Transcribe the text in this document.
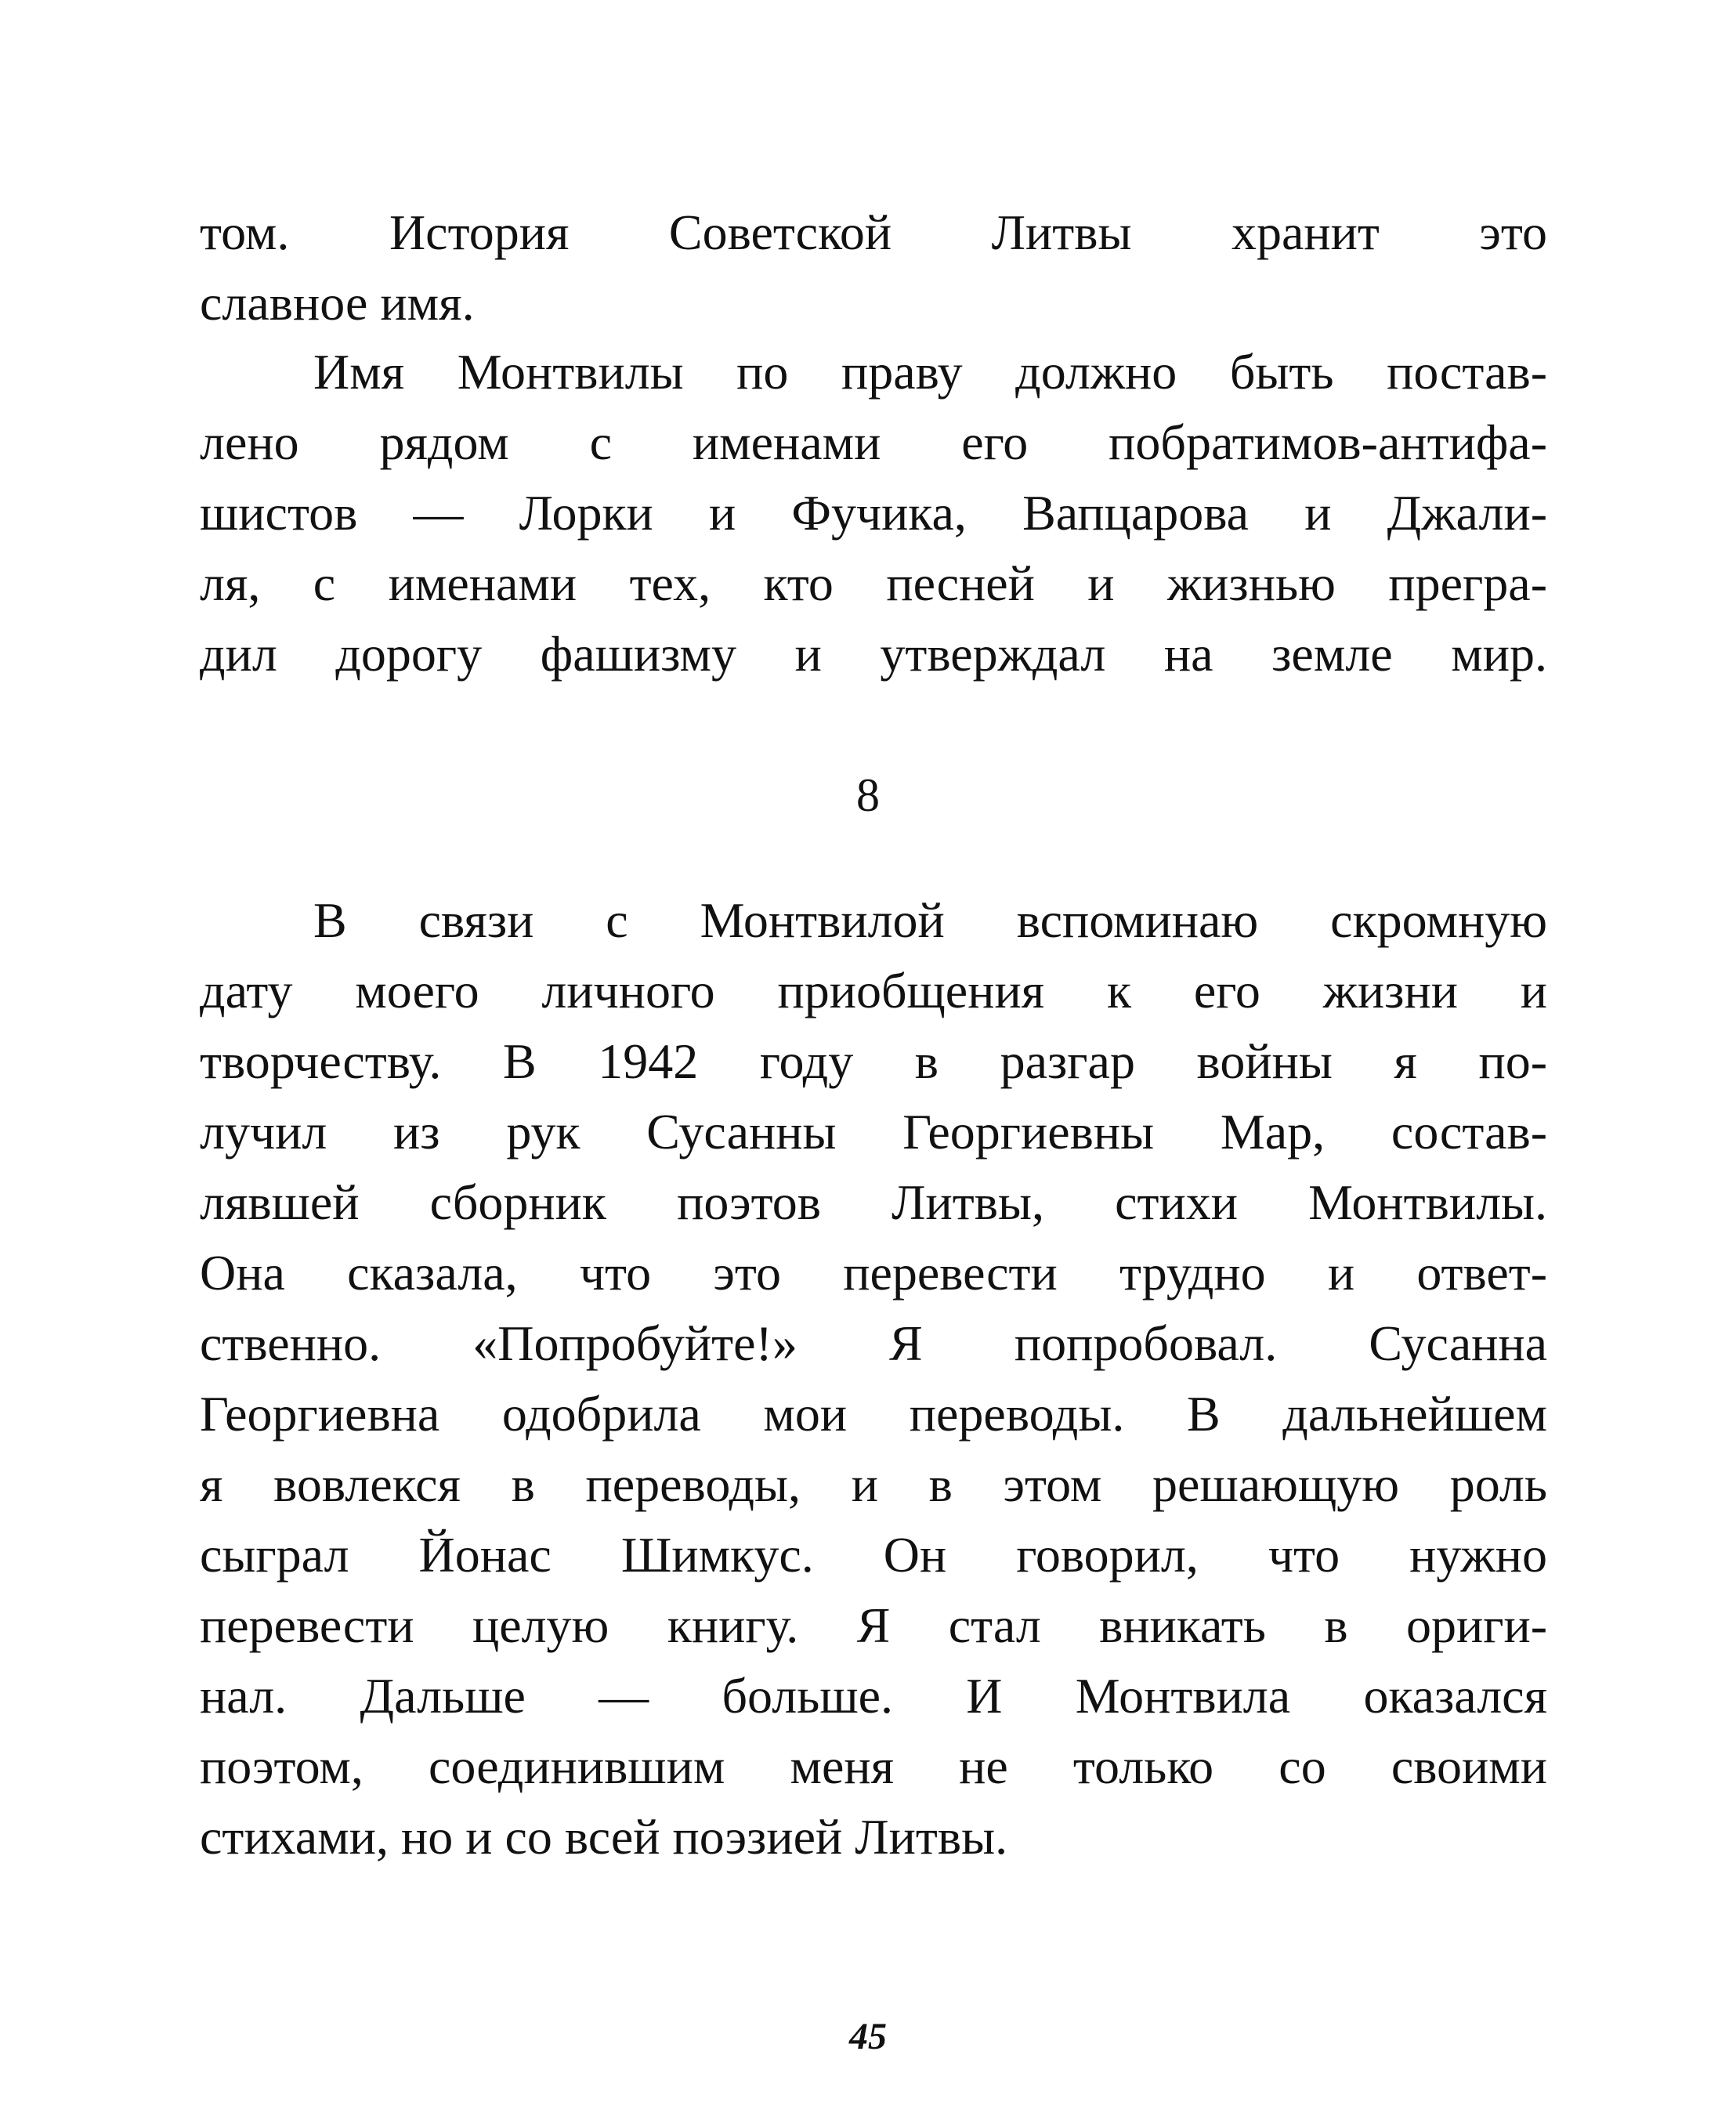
том. История Советской Литвы хранит это
славное имя.
Имя Монтвилы по праву должно быть постав-
лено рядом с именами его побратимов-антифа-
шистов — Лорки и Фучика, Вапцарова и Джали-
ля, с именами тех, кто песней и жизнью прегра-
дил дорогу фашизму и утверждал на земле мир.
8
В связи с Монтвилой вспоминаю скромную
дату моего личного приобщения к его жизни и
творчеству. В 1942 году в разгар войны я по-
лучил из рук Сусанны Георгиевны Мар, состав-
лявшей сборник поэтов Литвы, стихи Монтвилы.
Она сказала, что это перевести трудно и ответ-
ственно. «Попробуйте!» Я попробовал. Сусанна
Георгиевна одобрила мои переводы. В дальнейшем
я вовлекся в переводы, и в этом решающую роль
сыграл Йонас Шимкус. Он говорил, что нужно
перевести целую книгу. Я стал вникать в ориги-
нал. Дальше — больше. И Монтвила оказался
поэтом, соединившим меня не только со своими
стихами, но и со всей поэзией Литвы.
45
